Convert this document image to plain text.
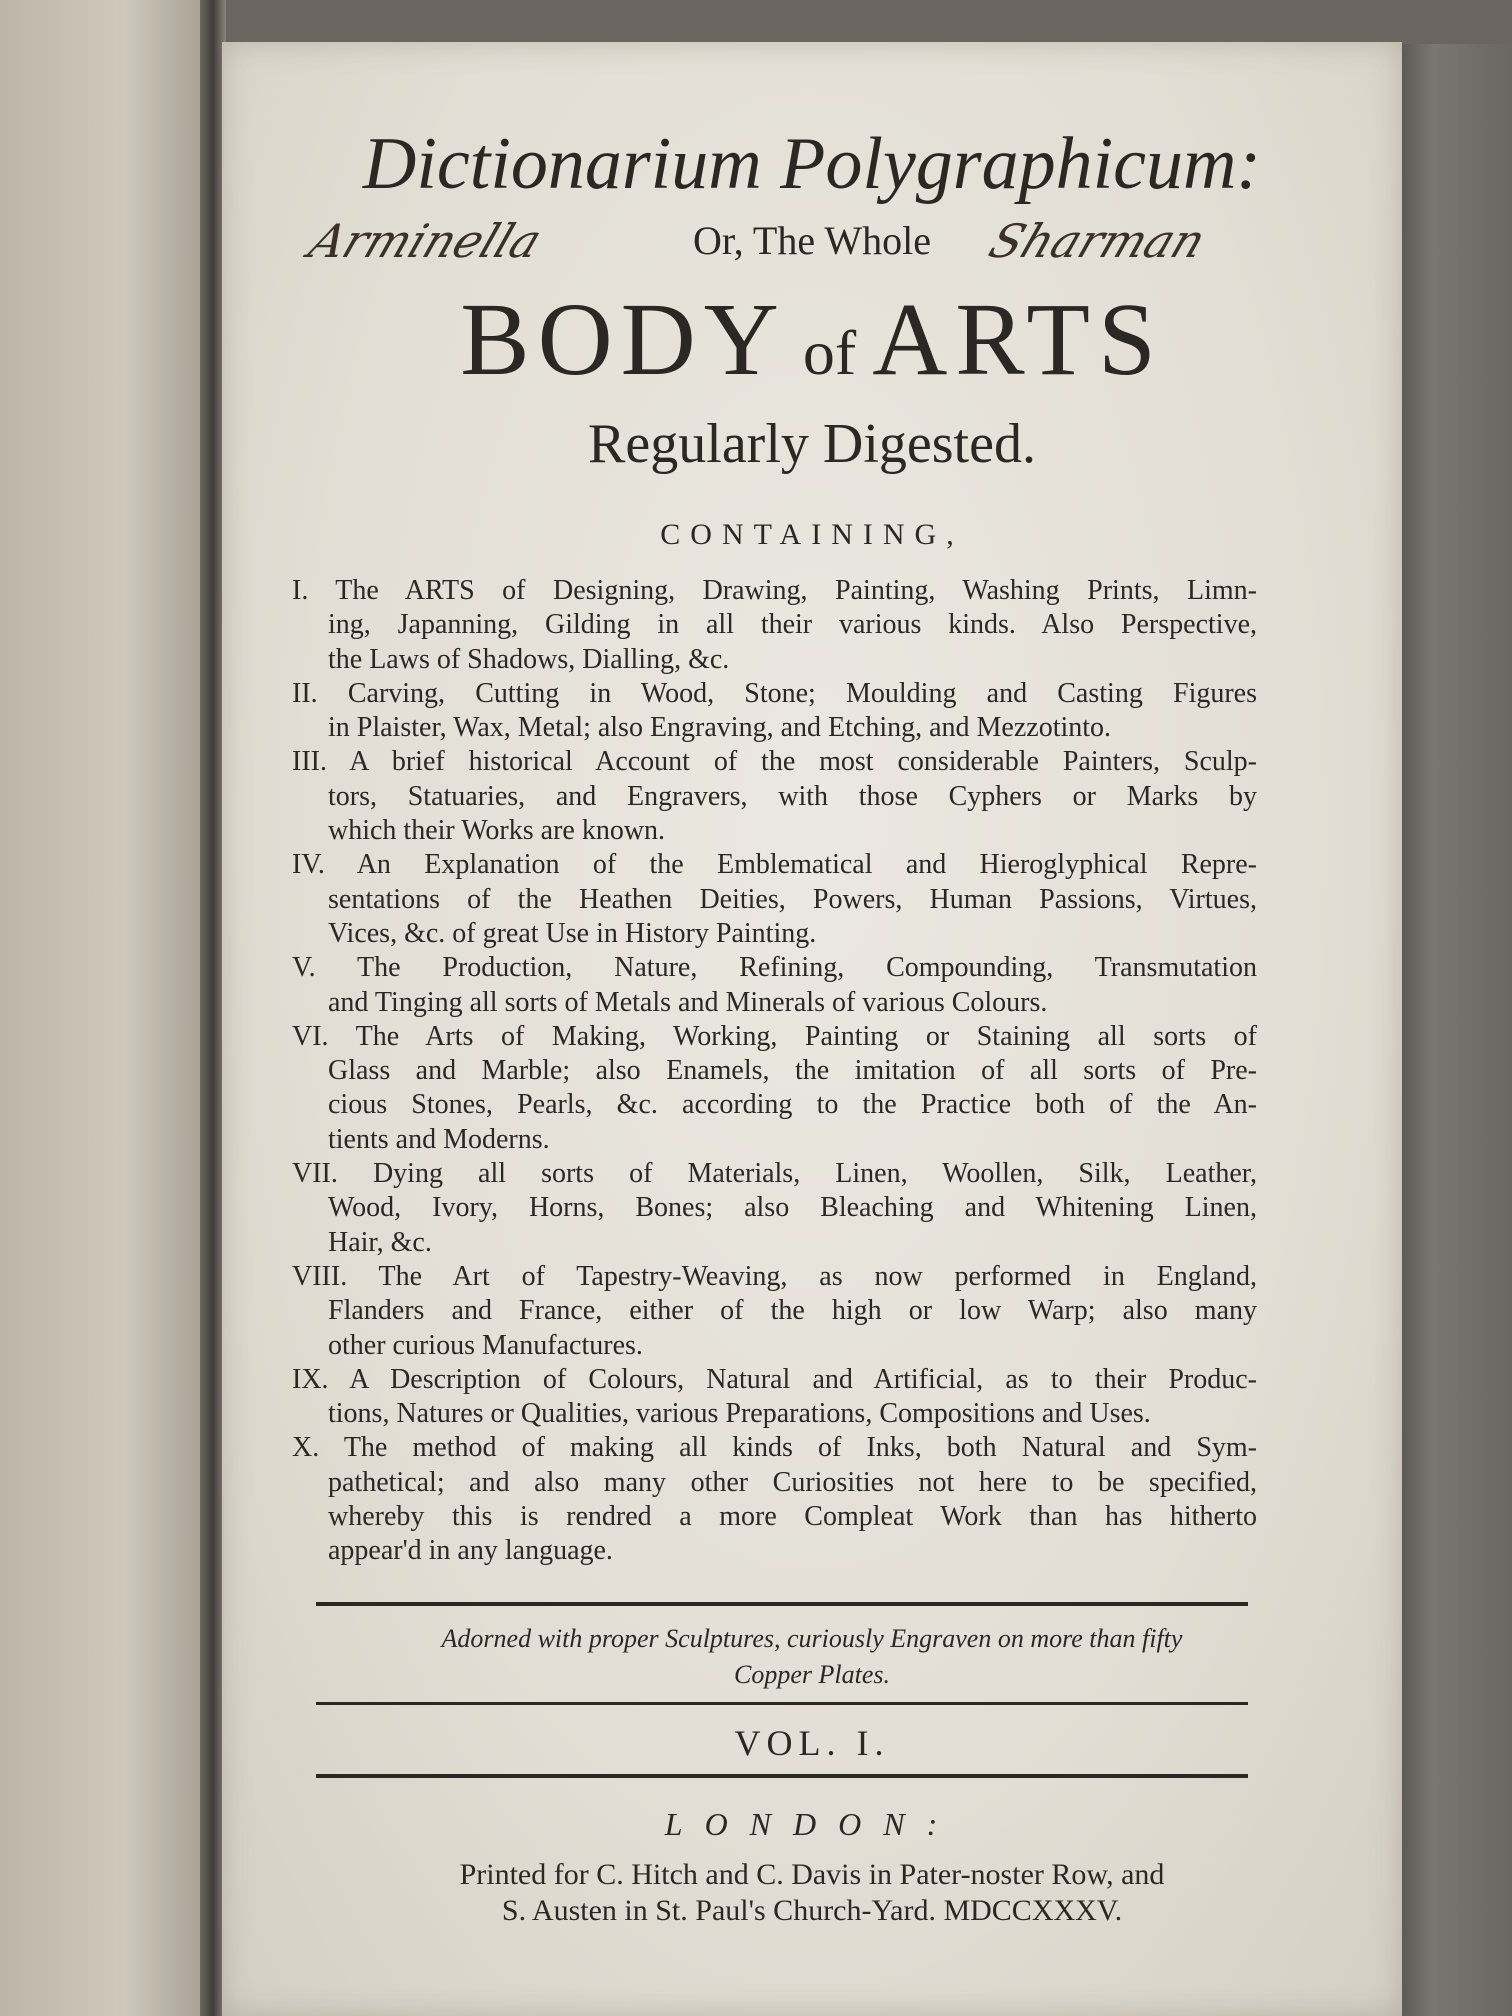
Dictionarium Polygraphicum:
Or, The Whole
Arminella	Sharman
BODY of ARTS
Regularly Digested.
CONTAINING,
I. The ARTS of Designing, Drawing, Painting, Washing Prints, Limn-
ing, Japanning, Gilding in all their various kinds. Also Perspective,
the Laws of Shadows, Dialling, &c.
II. Carving, Cutting in Wood, Stone; Moulding and Casting Figures
in Plaister, Wax, Metal; also Engraving, and Etching, and Mezzotinto.
III. A brief historical Account of the most considerable Painters, Sculp-
tors, Statuaries, and Engravers, with those Cyphers or Marks by
which their Works are known.
IV. An Explanation of the Emblematical and Hieroglyphical Repre-
sentations of the Heathen Deities, Powers, Human Passions, Virtues,
Vices, &c. of great Use in History Painting.
V. The Production, Nature, Refining, Compounding, Transmutation
and Tinging all sorts of Metals and Minerals of various Colours.
VI. The Arts of Making, Working, Painting or Staining all sorts of
Glass and Marble; also Enamels, the imitation of all sorts of Pre-
cious Stones, Pearls, &c. according to the Practice both of the An-
tients and Moderns.
VII. Dying all sorts of Materials, Linen, Woollen, Silk, Leather,
Wood, Ivory, Horns, Bones; also Bleaching and Whitening Linen,
Hair, &c.
VIII. The Art of Tapestry-Weaving, as now performed in England,
Flanders and France, either of the high or low Warp; also many
other curious Manufactures.
IX. A Description of Colours, Natural and Artificial, as to their Produc-
tions, Natures or Qualities, various Preparations, Compositions and Uses.
X. The method of making all kinds of Inks, both Natural and Sym-
pathetical; and also many other Curiosities not here to be specified,
whereby this is rendred a more Compleat Work than has hitherto
appear'd in any language.
Adorned with proper Sculptures, curiously Engraven on more than fifty
Copper Plates.
VOL. I.
LONDON:
Printed for C. Hitch and C. Davis in Pater-noster Row, and
S. Austen in St. Paul's Church-Yard. MDCCXXXV.
